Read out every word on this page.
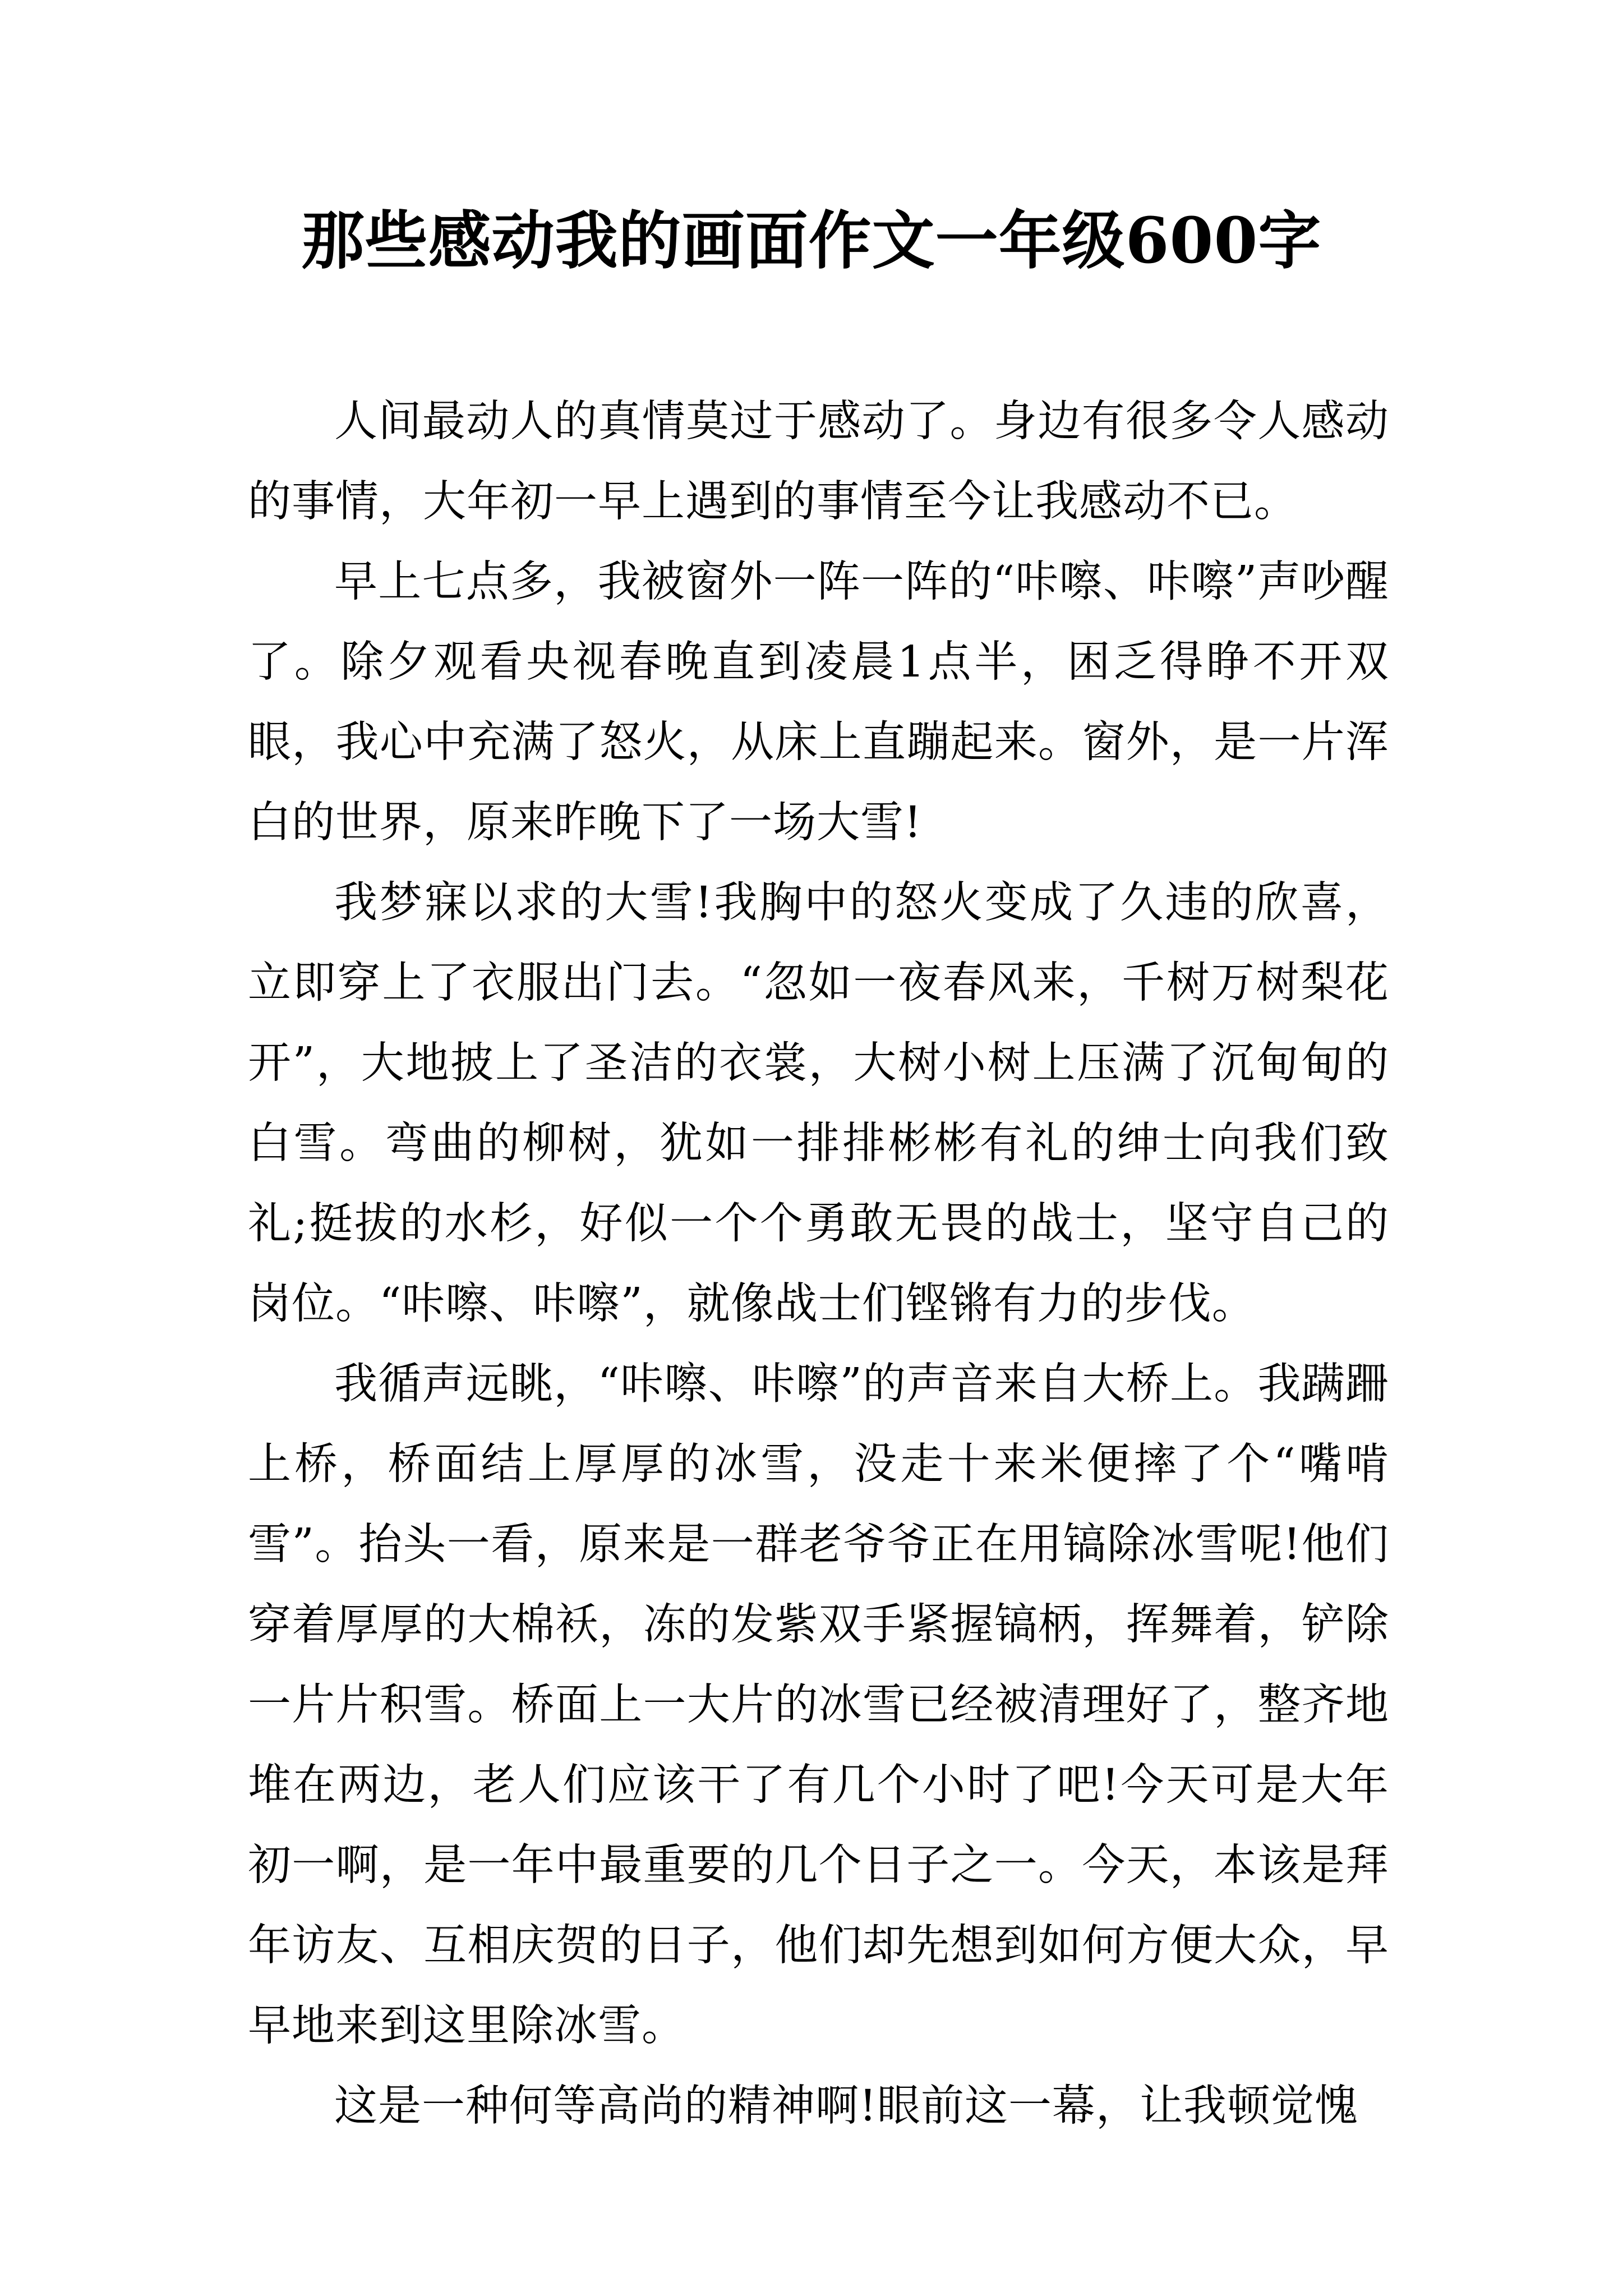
那些感动我的画面作文一年级600字

人间最动人的真情莫过于感动了。身边有很多令人感动的事情，大年初一早上遇到的事情至今让我感动不已。

早上七点多，我被窗外一阵一阵的“咔嚓、咔嚓”声吵醒了。除夕观看央视春晚直到凌晨1点半，困乏得睁不开双眼，我心中充满了怒火，从床上直蹦起来。窗外，是一片浑白的世界，原来昨晚下了一场大雪!

我梦寐以求的大雪!我胸中的怒火变成了久违的欣喜，立即穿上了衣服出门去。“忽如一夜春风来，千树万树梨花开”，大地披上了圣洁的衣裳，大树小树上压满了沉甸甸的白雪。弯曲的柳树，犹如一排排彬彬有礼的绅士向我们致礼;挺拔的水杉，好似一个个勇敢无畏的战士，坚守自己的岗位。“咔嚓、咔嚓”，就像战士们铿锵有力的步伐。

我循声远眺，“咔嚓、咔嚓”的声音来自大桥上。我蹒跚上桥，桥面结上厚厚的冰雪，没走十来米便摔了个“嘴啃雪”。抬头一看，原来是一群老爷爷正在用镐除冰雪呢!他们穿着厚厚的大棉袄，冻的发紫双手紧握镐柄，挥舞着，铲除一片片积雪。桥面上一大片的冰雪已经被清理好了，整齐地堆在两边，老人们应该干了有几个小时了吧!今天可是大年初一啊，是一年中最重要的几个日子之一。今天，本该是拜年访友、互相庆贺的日子，他们却先想到如何方便大众，早早地来到这里除冰雪。

这是一种何等高尚的精神啊!眼前这一幕，让我顿觉愧
